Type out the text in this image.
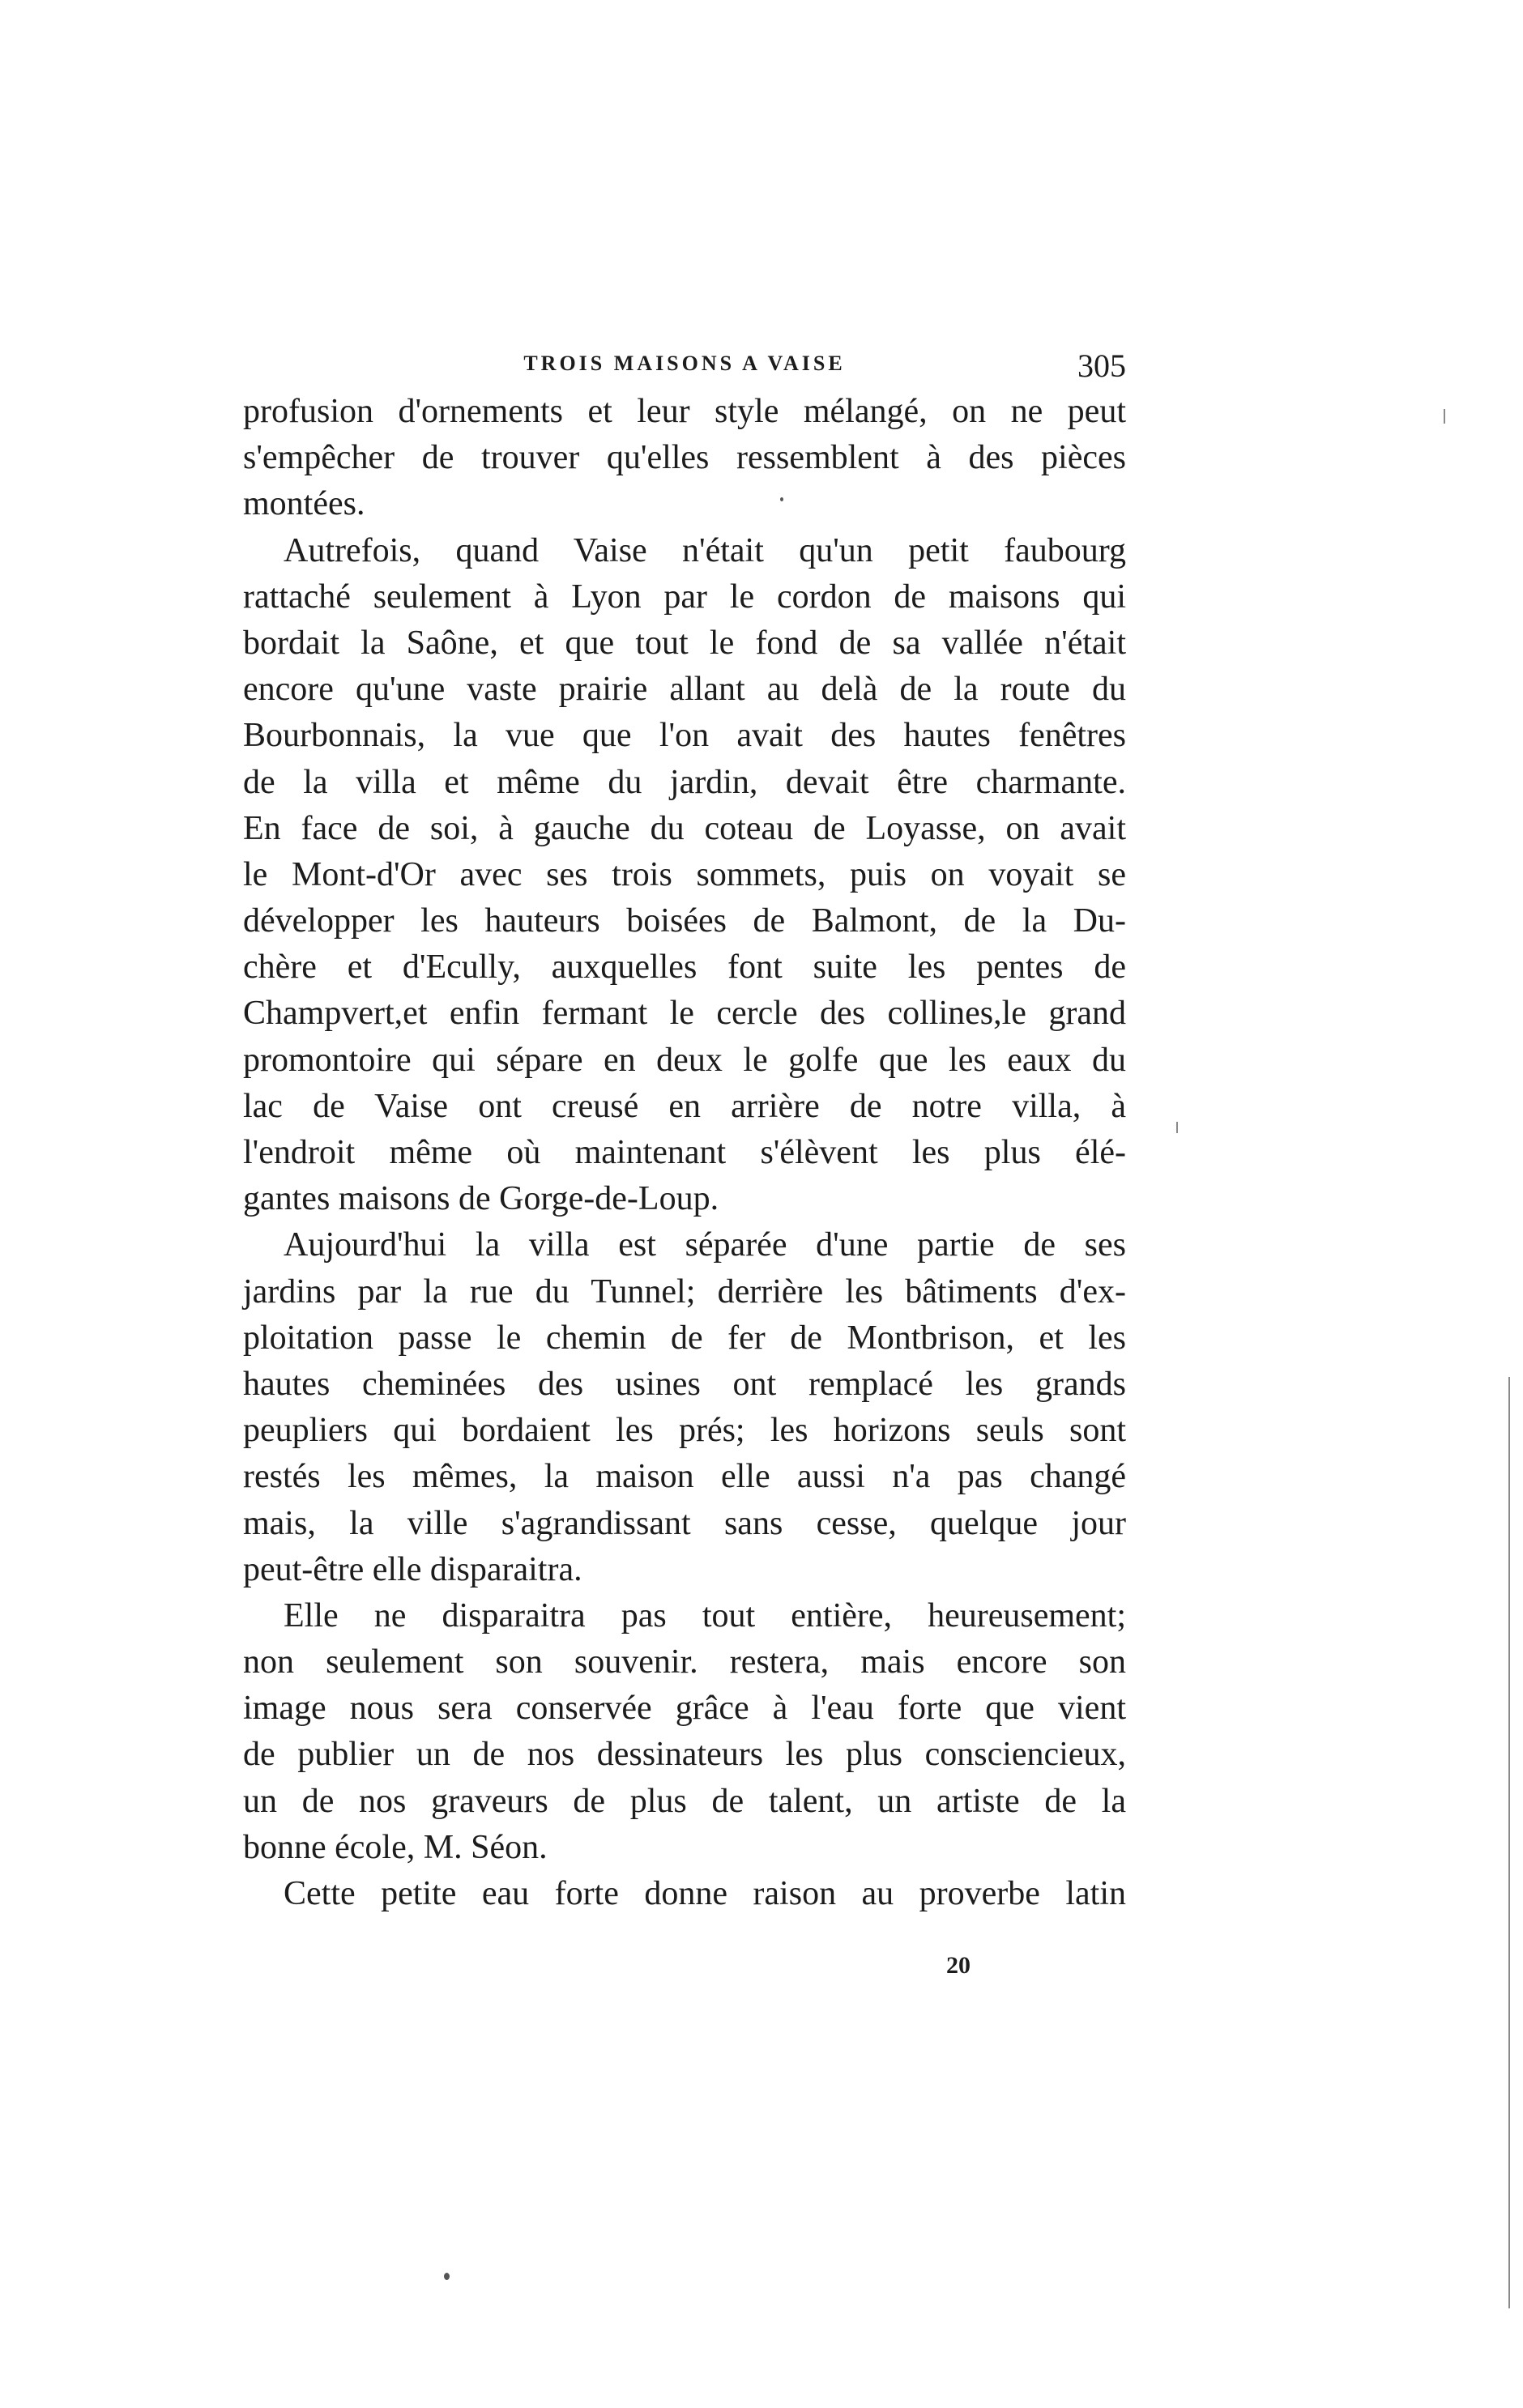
TROIS MAISONS A VAISE	305
profusion d'ornements et leur style mélangé, on ne peut
s'empêcher de trouver qu'elles ressemblent à des pièces
montées.
Autrefois, quand Vaise n'était qu'un petit faubourg
rattaché seulement à Lyon par le cordon de maisons qui
bordait la Saône, et que tout le fond de sa vallée n'était
encore qu'une vaste prairie allant au delà de la route du
Bourbonnais, la vue que l'on avait des hautes fenêtres
de la villa et même du jardin, devait être charmante.
En face de soi, à gauche du coteau de Loyasse, on avait
le Mont-d'Or avec ses trois sommets, puis on voyait se
développer les hauteurs boisées de Balmont, de la Du-
chère et d'Ecully, auxquelles font suite les pentes de
Champvert,et enfin fermant le cercle des collines,le grand
promontoire qui sépare en deux le golfe que les eaux du
lac de Vaise ont creusé en arrière de notre villa, à
l'endroit même où maintenant s'élèvent les plus élé-
gantes maisons de Gorge-de-Loup.
Aujourd'hui la villa est séparée d'une partie de ses
jardins par la rue du Tunnel; derrière les bâtiments d'ex-
ploitation passe le chemin de fer de Montbrison, et les
hautes cheminées des usines ont remplacé les grands
peupliers qui bordaient les prés; les horizons seuls sont
restés les mêmes, la maison elle aussi n'a pas changé
mais, la ville s'agrandissant sans cesse, quelque jour
peut-être elle disparaitra.
Elle ne disparaitra pas tout entière, heureusement;
non seulement son souvenir. restera, mais encore son
image nous sera conservée grâce à l'eau forte que vient
de publier un de nos dessinateurs les plus consciencieux,
un de nos graveurs de plus de talent, un artiste de la
bonne école, M. Séon.
Cette petite eau forte donne raison au proverbe latin
20
